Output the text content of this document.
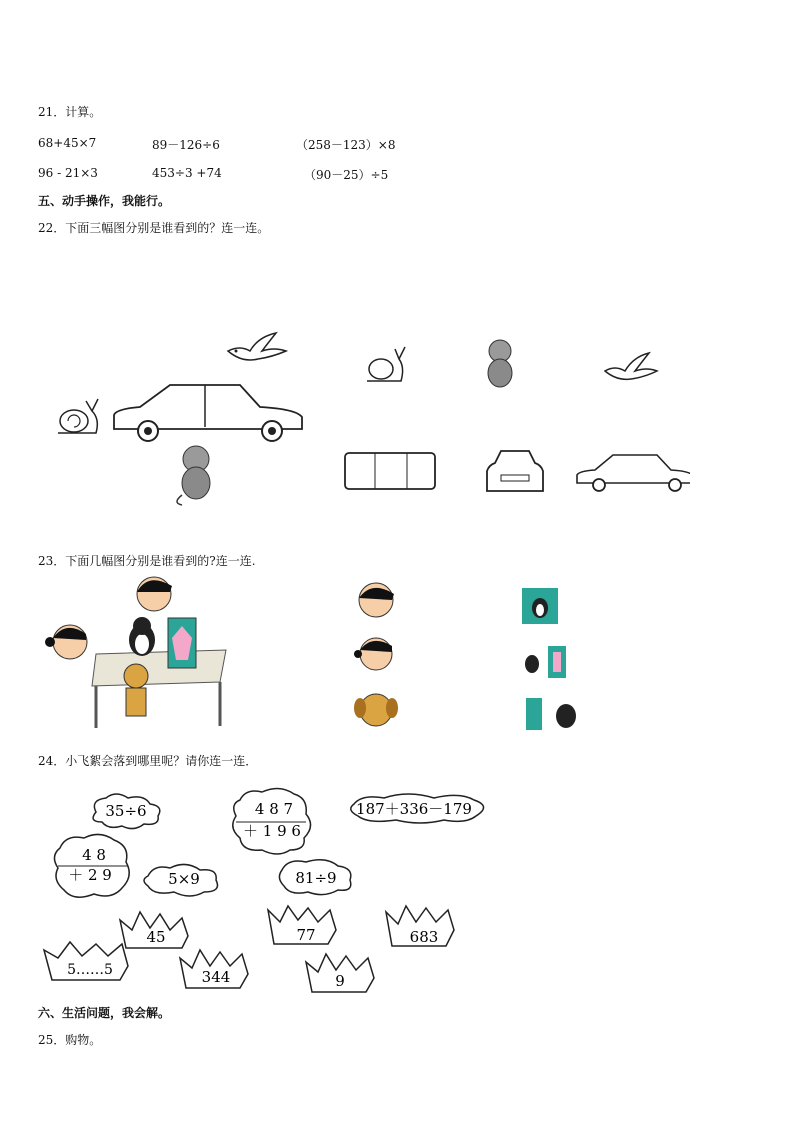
21．计算。
68+45×7	89－126÷6	（258－123）×8
96 - 21×3	453÷3 +74	（90－25）÷5
五、动手操作，我能行。
22．下面三幅图分别是谁看到的？连一连。
23．下面几幅图分别是谁看到的?连一连.
24．小飞絮会落到哪里呢？请你连一连．
35÷6	4 8 7
＋ 1 9 6
187＋336－179
4 8
＋ 2 9	5×9	81÷9
45	77	683
5……5	344	9
六、生活问题，我会解。
25．购物。
